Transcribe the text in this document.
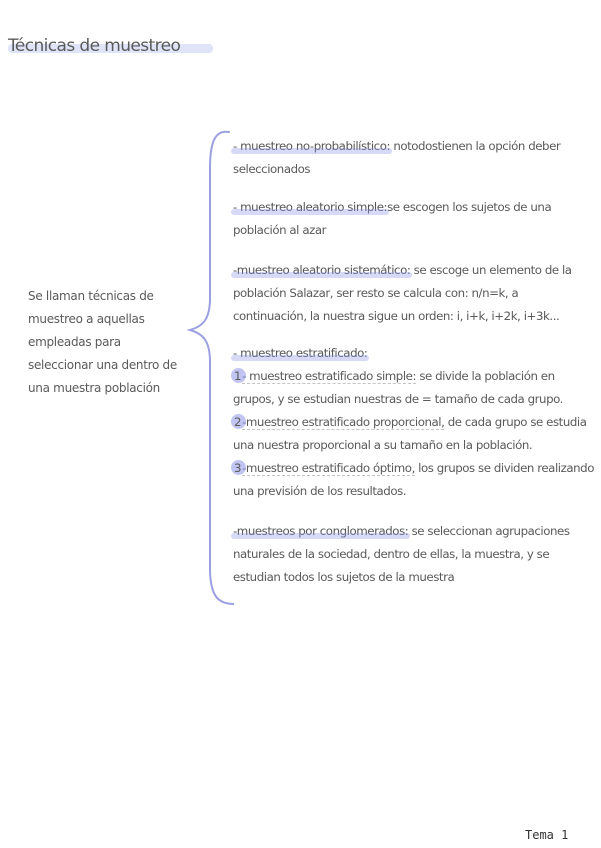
Técnicas de muestreo
Se llaman técnicas de muestreo a aquellas empleadas para seleccionar una dentro de una muestra población

- muestreo no-probabilístico: notodostienen la opción deber seleccionados

- muestreo aleatorio simple:se escogen los sujetos de una población al azar

-muestreo aleatorio sistemático: se escoge un elemento de la población Salazar, ser resto se calcula con: n/n=k, a continuación, la nuestra sigue un orden: i, i+k, i+2k, i+3k...

- muestreo estratificado:

1- muestreo estratificado simple: se divide la población en grupos, y se estudian nuestras de = tamaño de cada grupo.

2-muestreo estratificado proporcional, de cada grupo se estudia una nuestra proporcional a su tamaño en la población.

3-muestreo estratificado óptimo, los grupos se dividen realizando una previsión de los resultados.

-muestreos por conglomerados: se seleccionan agrupaciones naturales de la sociedad, dentro de ellas, la muestra, y se estudian todos los sujetos de la muestra

Tema 1
